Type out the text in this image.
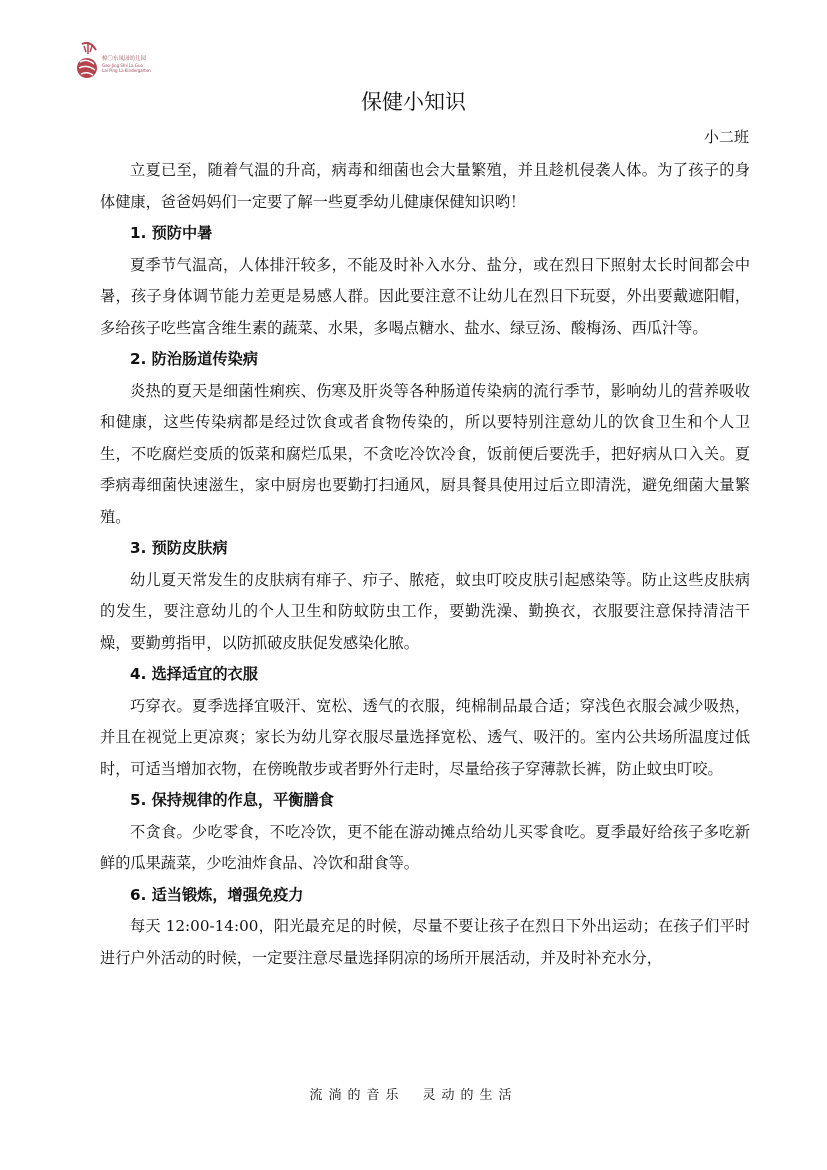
樟〇东凤园幼儿园
Gao-Jing Shil La Guo
Lai Ping La Kindergarten
保健小知识
小二班

立夏已至，随着气温的升高，病毒和细菌也会大量繁殖，并且趁机侵袭人体。为了孩子的身体健康，爸爸妈妈们一定要了解一些夏季幼儿健康保健知识哟！

1. 预防中暑

夏季节气温高，人体排汗较多，不能及时补入水分、盐分，或在烈日下照射太长时间都会中暑，孩子身体调节能力差更是易感人群。因此要注意不让幼儿在烈日下玩耍，外出要戴遮阳帽，多给孩子吃些富含维生素的蔬菜、水果，多喝点糖水、盐水、绿豆汤、酸梅汤、西瓜汁等。

2. 防治肠道传染病

炎热的夏天是细菌性痢疾、伤寒及肝炎等各种肠道传染病的流行季节，影响幼儿的营养吸收和健康，这些传染病都是经过饮食或者食物传染的，所以要特别注意幼儿的饮食卫生和个人卫生，不吃腐烂变质的饭菜和腐烂瓜果，不贪吃冷饮冷食，饭前便后要洗手，把好病从口入关。夏季病毒细菌快速滋生，家中厨房也要勤打扫通风，厨具餐具使用过后立即清洗，避免细菌大量繁殖。

3. 预防皮肤病

幼儿夏天常发生的皮肤病有痱子、疖子、脓疮，蚊虫叮咬皮肤引起感染等。防止这些皮肤病的发生，要注意幼儿的个人卫生和防蚊防虫工作，要勤洗澡、勤换衣，衣服要注意保持清洁干燥，要勤剪指甲，以防抓破皮肤促发感染化脓。

4. 选择适宜的衣服

巧穿衣。夏季选择宜吸汗、宽松、透气的衣服，纯棉制品最合适；穿浅色衣服会减少吸热，并且在视觉上更凉爽；家长为幼儿穿衣服尽量选择宽松、透气、吸汗的。室内公共场所温度过低时，可适当增加衣物，在傍晚散步或者野外行走时，尽量给孩子穿薄款长裤，防止蚊虫叮咬。

5. 保持规律的作息，平衡膳食

不贪食。少吃零食，不吃冷饮，更不能在游动摊点给幼儿买零食吃。夏季最好给孩子多吃新鲜的瓜果蔬菜，少吃油炸食品、冷饮和甜食等。

6. 适当锻炼，增强免疫力

每天 12:00-14:00，阳光最充足的时候，尽量不要让孩子在烈日下外出运动；在孩子们平时进行户外活动的时候，一定要注意尽量选择阴凉的场所开展活动，并及时补充水分，

流淌的音乐 灵动的生活
